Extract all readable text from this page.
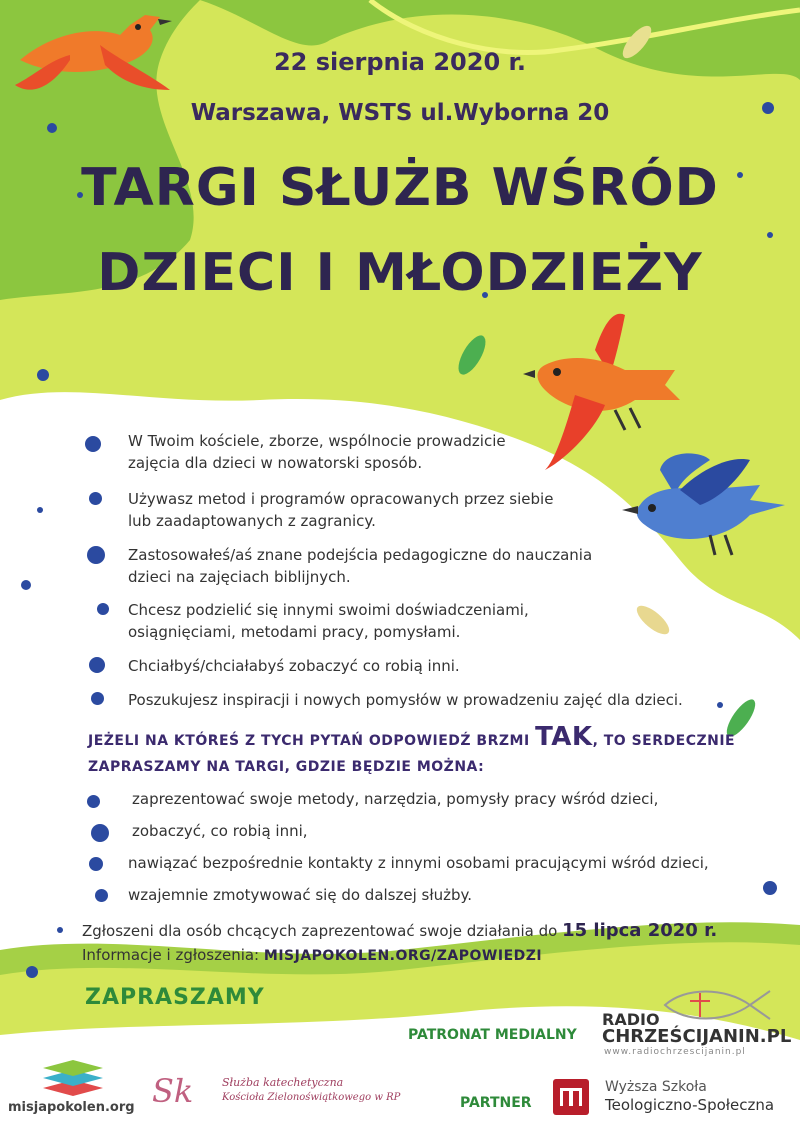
22 sierpnia 2020 r.
Warszawa, WSTS ul.Wyborna 20
TARGI SŁUŻB WŚRÓD
DZIECI I MŁODZIEŻY
W Twoim kościele, zborze, wspólnocie prowadzicie
zajęcia dla dzieci w nowatorski sposób.
Używasz metod i programów opracowanych przez siebie
lub zaadaptowanych z zagranicy.
Zastosowałeś/aś znane podejścia pedagogiczne do nauczania
dzieci na zajęciach biblijnych.
Chcesz podzielić się innymi swoimi doświadczeniami,
osiągnięciami, metodami pracy, pomysłami.
Chciałbyś/chciałabyś zobaczyć co robią inni.
Poszukujesz inspiracji i nowych pomysłów w prowadzeniu zajęć dla dzieci.
JEŻELI NA KTÓREŚ Z TYCH PYTAŃ ODPOWIEDŹ BRZMI TAK, TO SERDECZNIE
ZAPRASZAMY NA TARGI, GDZIE BĘDZIE MOŻNA:
zaprezentować swoje metody, narzędzia, pomysły pracy wśród dzieci,
zobaczyć, co robią inni,
nawiązać bezpośrednie kontakty z innymi osobami pracującymi wśród dzieci,
wzajemnie zmotywować się do dalszej służby.
Zgłoszeni dla osób chcących zaprezentować swoje działania do 15 lipca 2020 r.
Informacje i zgłoszenia: MISJAPOKOLEN.ORG/ZAPOWIEDZI
ZAPRASZAMY
PATRONAT MEDIALNY
RADIO
CHRZEŚCIJANIN.PL
www.radiochrzescijanin.pl
misjapokolen.org Sk	Służba katechetyczna
Kościoła Zielonoświątkowego w RP	PARTNER
Wyższa Szkoła
Teologiczno-Społeczna
